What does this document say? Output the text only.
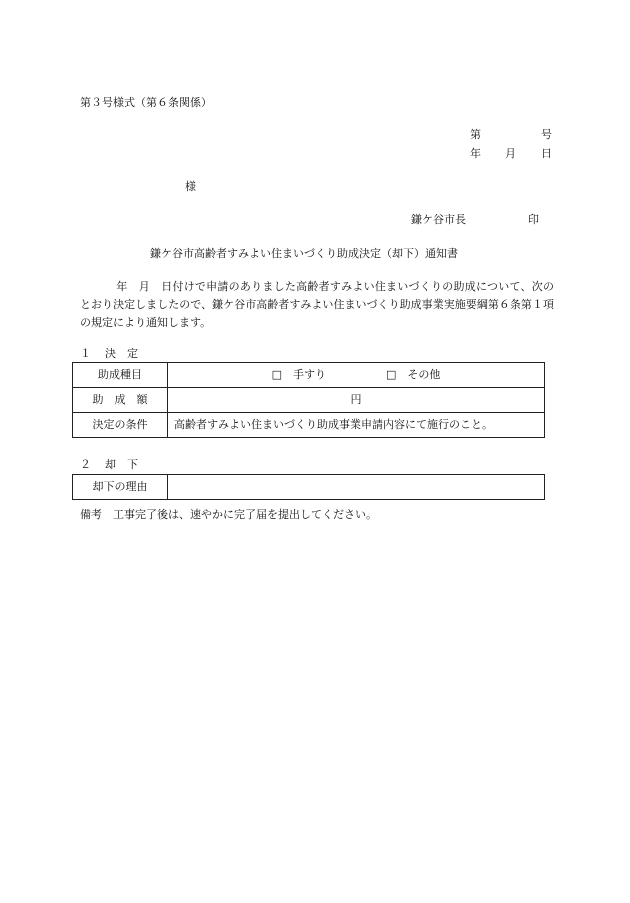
第３号様式（第６条関係）
第	号
年 月 日
様
鎌ケ谷市長	印
鎌ケ谷市高齢者すみよい住まいづくり助成決定（却下）通知書
年　月　日付けで申請のありました高齢者すみよい住まいづくりの助成について、次のとおり決定しましたので、鎌ケ谷市高齢者すみよい住まいづくり助成事業実施要綱第６条第１項の規定により通知します。
１ 決　定
助成種目	□　手すり □　その他
助　成　額	円
決定の条件	高齢者すみよい住まいづくり助成事業申請内容にて施行のこと。
２ 却　下
却下の理由	
備考　工事完了後は、速やかに完了届を提出してください。
